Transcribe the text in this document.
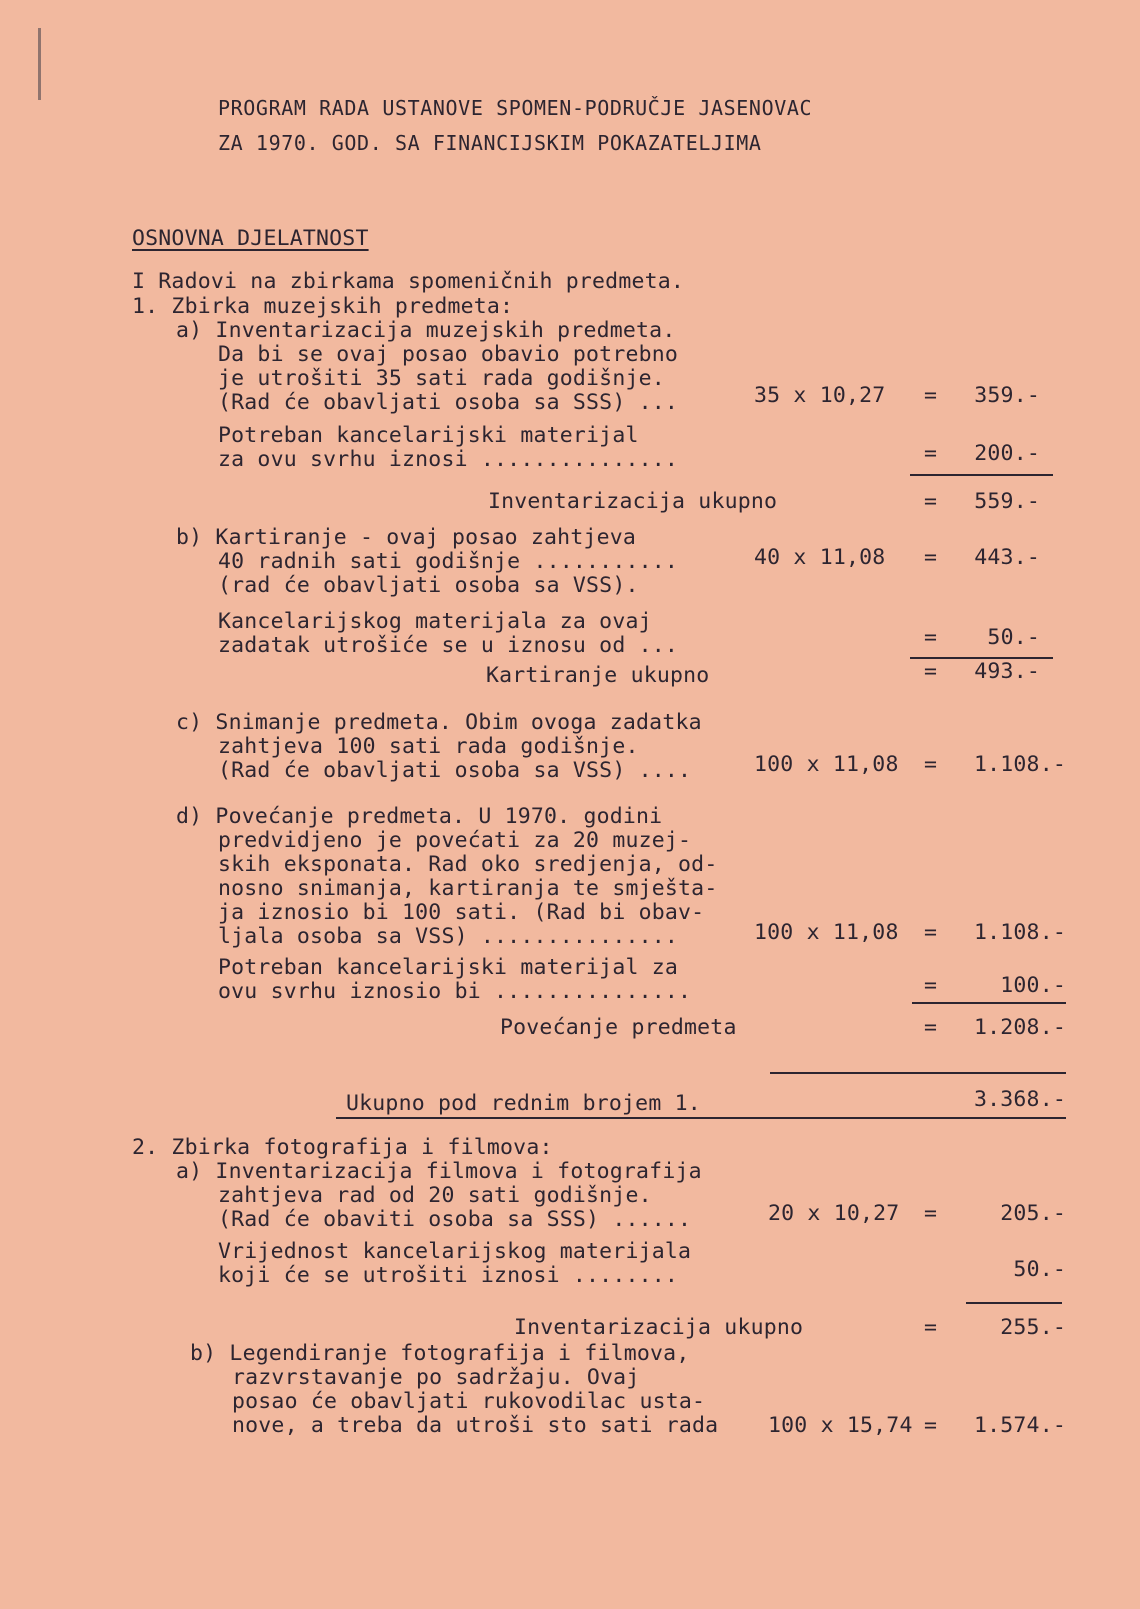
PROGRAM RADA USTANOVE SPOMEN-PODRUČJE JASENOVAC
ZA 1970. GOD. SA FINANCIJSKIM POKAZATELJIMA
OSNOVNA DJELATNOST
I Radovi na zbirkama spomeničnih predmeta.
1. Zbirka muzejskih predmeta:
a) Inventarizacija muzejskih predmeta.
Da bi se ovaj posao obavio potrebno
je utrošiti 35 sati rada godišnje.
(Rad će obavljati osoba sa SSS) ...	35 x 10,27 =	359.-
Potreban kancelarijski materijal
za ovu svrhu iznosi ...............	=	200.-
Inventarizacija ukupno	=	559.-
b) Kartiranje - ovaj posao zahtjeva
40 radnih sati godišnje ...........
(rad će obavljati osoba sa VSS).
40 x 11,08 =	443.-
Kancelarijskog materijala za ovaj
zadatak utrošiće se u iznosu od ...	=	50.-
Kartiranje ukupno	=	493.-
c) Snimanje predmeta. Obim ovoga zadatka
zahtjeva 100 sati rada godišnje.
(Rad će obavljati osoba sa VSS) ....	100 x 11,08 =	1.108.-
d) Povećanje predmeta. U 1970. godini
predvidjeno je povećati za 20 muzej-
skih eksponata. Rad oko sredjenja, od-
nosno snimanja, kartiranja te smješta-
ja iznosio bi 100 sati. (Rad bi obav-
ljala osoba sa VSS) ...............	100 x 11,08 =	1.108.-
Potreban kancelarijski materijal za
ovu svrhu iznosio bi ...............	=	100.-
Povećanje predmeta	=	1.208.-
Ukupno pod rednim brojem 1.	3.368.-
2. Zbirka fotografija i filmova:
a) Inventarizacija filmova i fotografija
zahtjeva rad od 20 sati godišnje.
(Rad će obaviti osoba sa SSS) ......	20 x 10,27 =	205.-
Vrijednost kancelarijskog materijala
koji će se utrošiti iznosi ........	50.-
Inventarizacija ukupno	=	255.-
b) Legendiranje fotografija i filmova,
razvrstavanje po sadržaju. Ovaj
posao će obavljati rukovodilac usta-
nove, a treba da utroši sto sati rada 100 x 15,74 =	1.574.-
